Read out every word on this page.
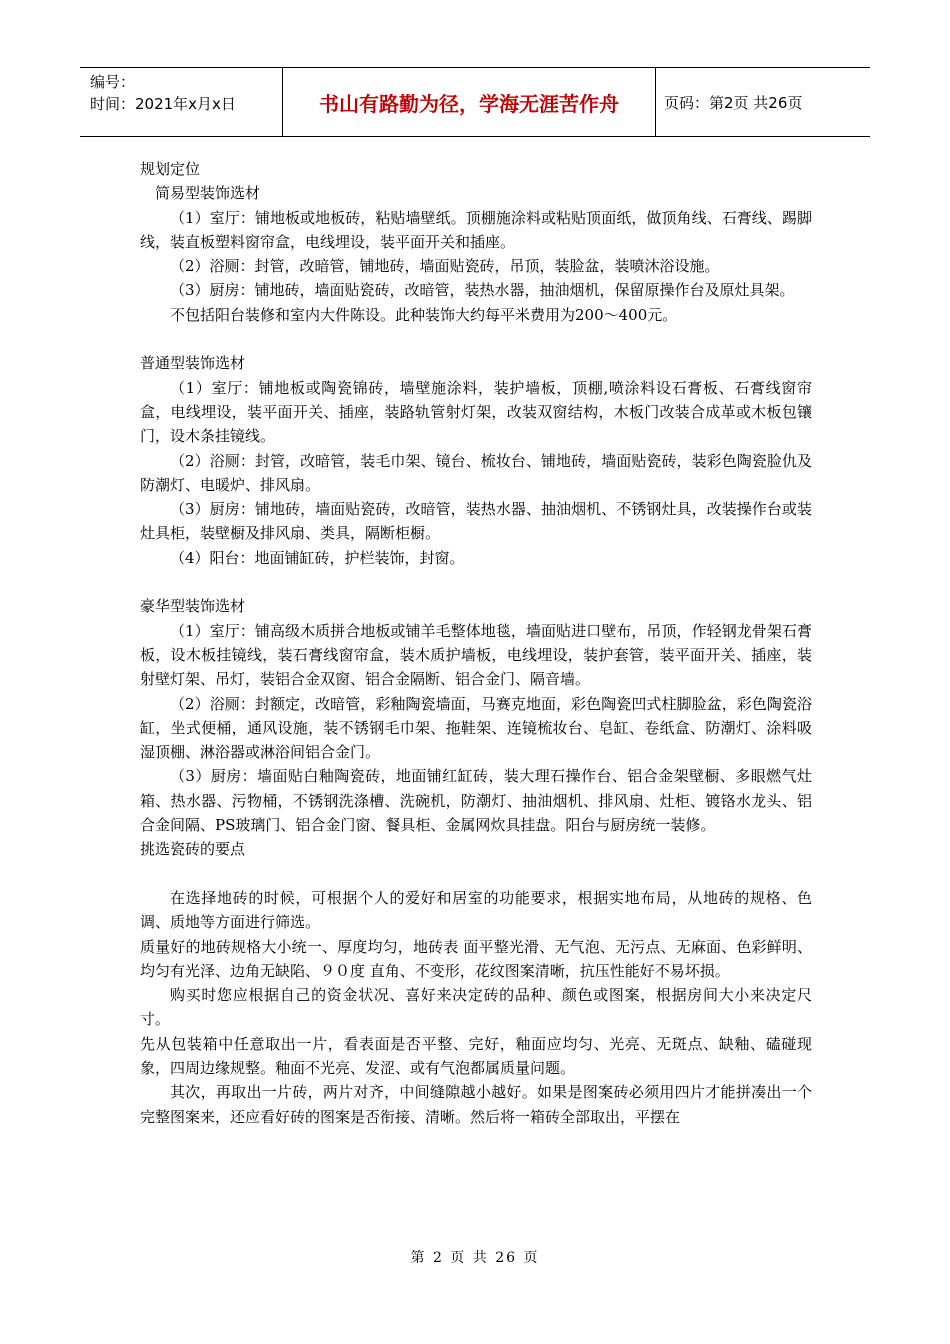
编号：
时间：2021年x月x日	书山有路勤为径，学海无涯苦作舟	页码：第2页 共26页

规划定位

简易型装饰选材

（1）室厅：铺地板或地板砖，粘贴墙壁纸。顶棚施涂料或粘贴顶面纸，做顶角线、石膏线、踢脚线，装直板塑料窗帘盒，电线埋设，装平面开关和插座。

（2）浴厕：封管，改暗管，铺地砖，墙面贴瓷砖，吊顶，装脸盆，装喷沐浴设施。

（3）厨房：铺地砖，墙面贴瓷砖，改暗管，装热水器，抽油烟机，保留原操作台及原灶具架。

不包括阳台装修和室内大件陈设。此种装饰大约每平米费用为200～400元。

普通型装饰选材

（1）室厅：铺地板或陶瓷锦砖，墙壁施涂料，装护墙板，顶棚,喷涂料设石膏板、石膏线窗帘盒，电线埋设，装平面开关、插座，装路轨管射灯架，改装双窗结构，木板门改装合成革或木板包镶门，设木条挂镜线。

（2）浴厕：封管，改暗管，装毛巾架、镜台、梳妆台、铺地砖，墙面贴瓷砖，装彩色陶瓷脸仇及防潮灯、电暖炉、排风扇。

（3）厨房：铺地砖，墙面贴瓷砖，改暗管，装热水器、抽油烟机、不锈钢灶具，改装操作台或装灶具柜，装壁橱及排风扇、类具，隔断柜橱。

（4）阳台：地面铺缸砖，护栏装饰，封窗。

豪华型装饰选材

（1）室厅：铺高级木质拼合地板或铺羊毛整体地毯，墙面贴进口壁布，吊顶，作轻钢龙骨架石膏板，设木板挂镜线，装石膏线窗帘盒，装木质护墙板，电线埋设，装护套管，装平面开关、插座，装射壁灯架、吊灯，装铝合金双窗、铝合金隔断、铝合金门、隔音墙。

（2）浴厕：封额定，改暗管，彩釉陶瓷墙面，马赛克地面，彩色陶瓷凹式柱脚脸盆，彩色陶瓷浴缸，坐式便桶，通风设施，装不锈钢毛巾架、拖鞋架、连镜梳妆台、皂缸、卷纸盒、防潮灯、涂料吸湿顶棚、淋浴器或淋浴间铝合金门。

（3）厨房：墙面贴白釉陶瓷砖，地面铺红缸砖，装大理石操作台、铝合金架壁橱、多眼燃气灶箱、热水器、污物桶，不锈钢洗涤槽、洗碗机，防潮灯、抽油烟机、排风扇、灶柜、镀铬水龙头、铝合金间隔、PS玻璃门、铝合金门窗、餐具柜、金属网炊具挂盘。阳台与厨房统一装修。

挑选瓷砖的要点

在选择地砖的时候，可根据个人的爱好和居室的功能要求，根据实地布局，从地砖的规格、色调、质地等方面进行筛选。

质量好的地砖规格大小统一、厚度均匀，地砖表 面平整光滑、无气泡、无污点、无麻面、色彩鲜明、均匀有光泽、边角无缺陷、９０度 直角、不变形，花纹图案清晰，抗压性能好不易坏损。

购买时您应根据自己的资金状况、喜好来决定砖的品种、颜色或图案，根据房间大小来决定尺寸。

先从包装箱中任意取出一片，看表面是否平整、完好，釉面应均匀、光亮、无斑点、缺釉、磕碰现象，四周边缘规整。釉面不光亮、发涩、或有气泡都属质量问题。

其次，再取出一片砖，两片对齐，中间缝隙越小越好。如果是图案砖必须用四片才能拼凑出一个完整图案来，还应看好砖的图案是否衔接、清晰。然后将一箱砖全部取出，平摆在

第 2 页 共 26 页
